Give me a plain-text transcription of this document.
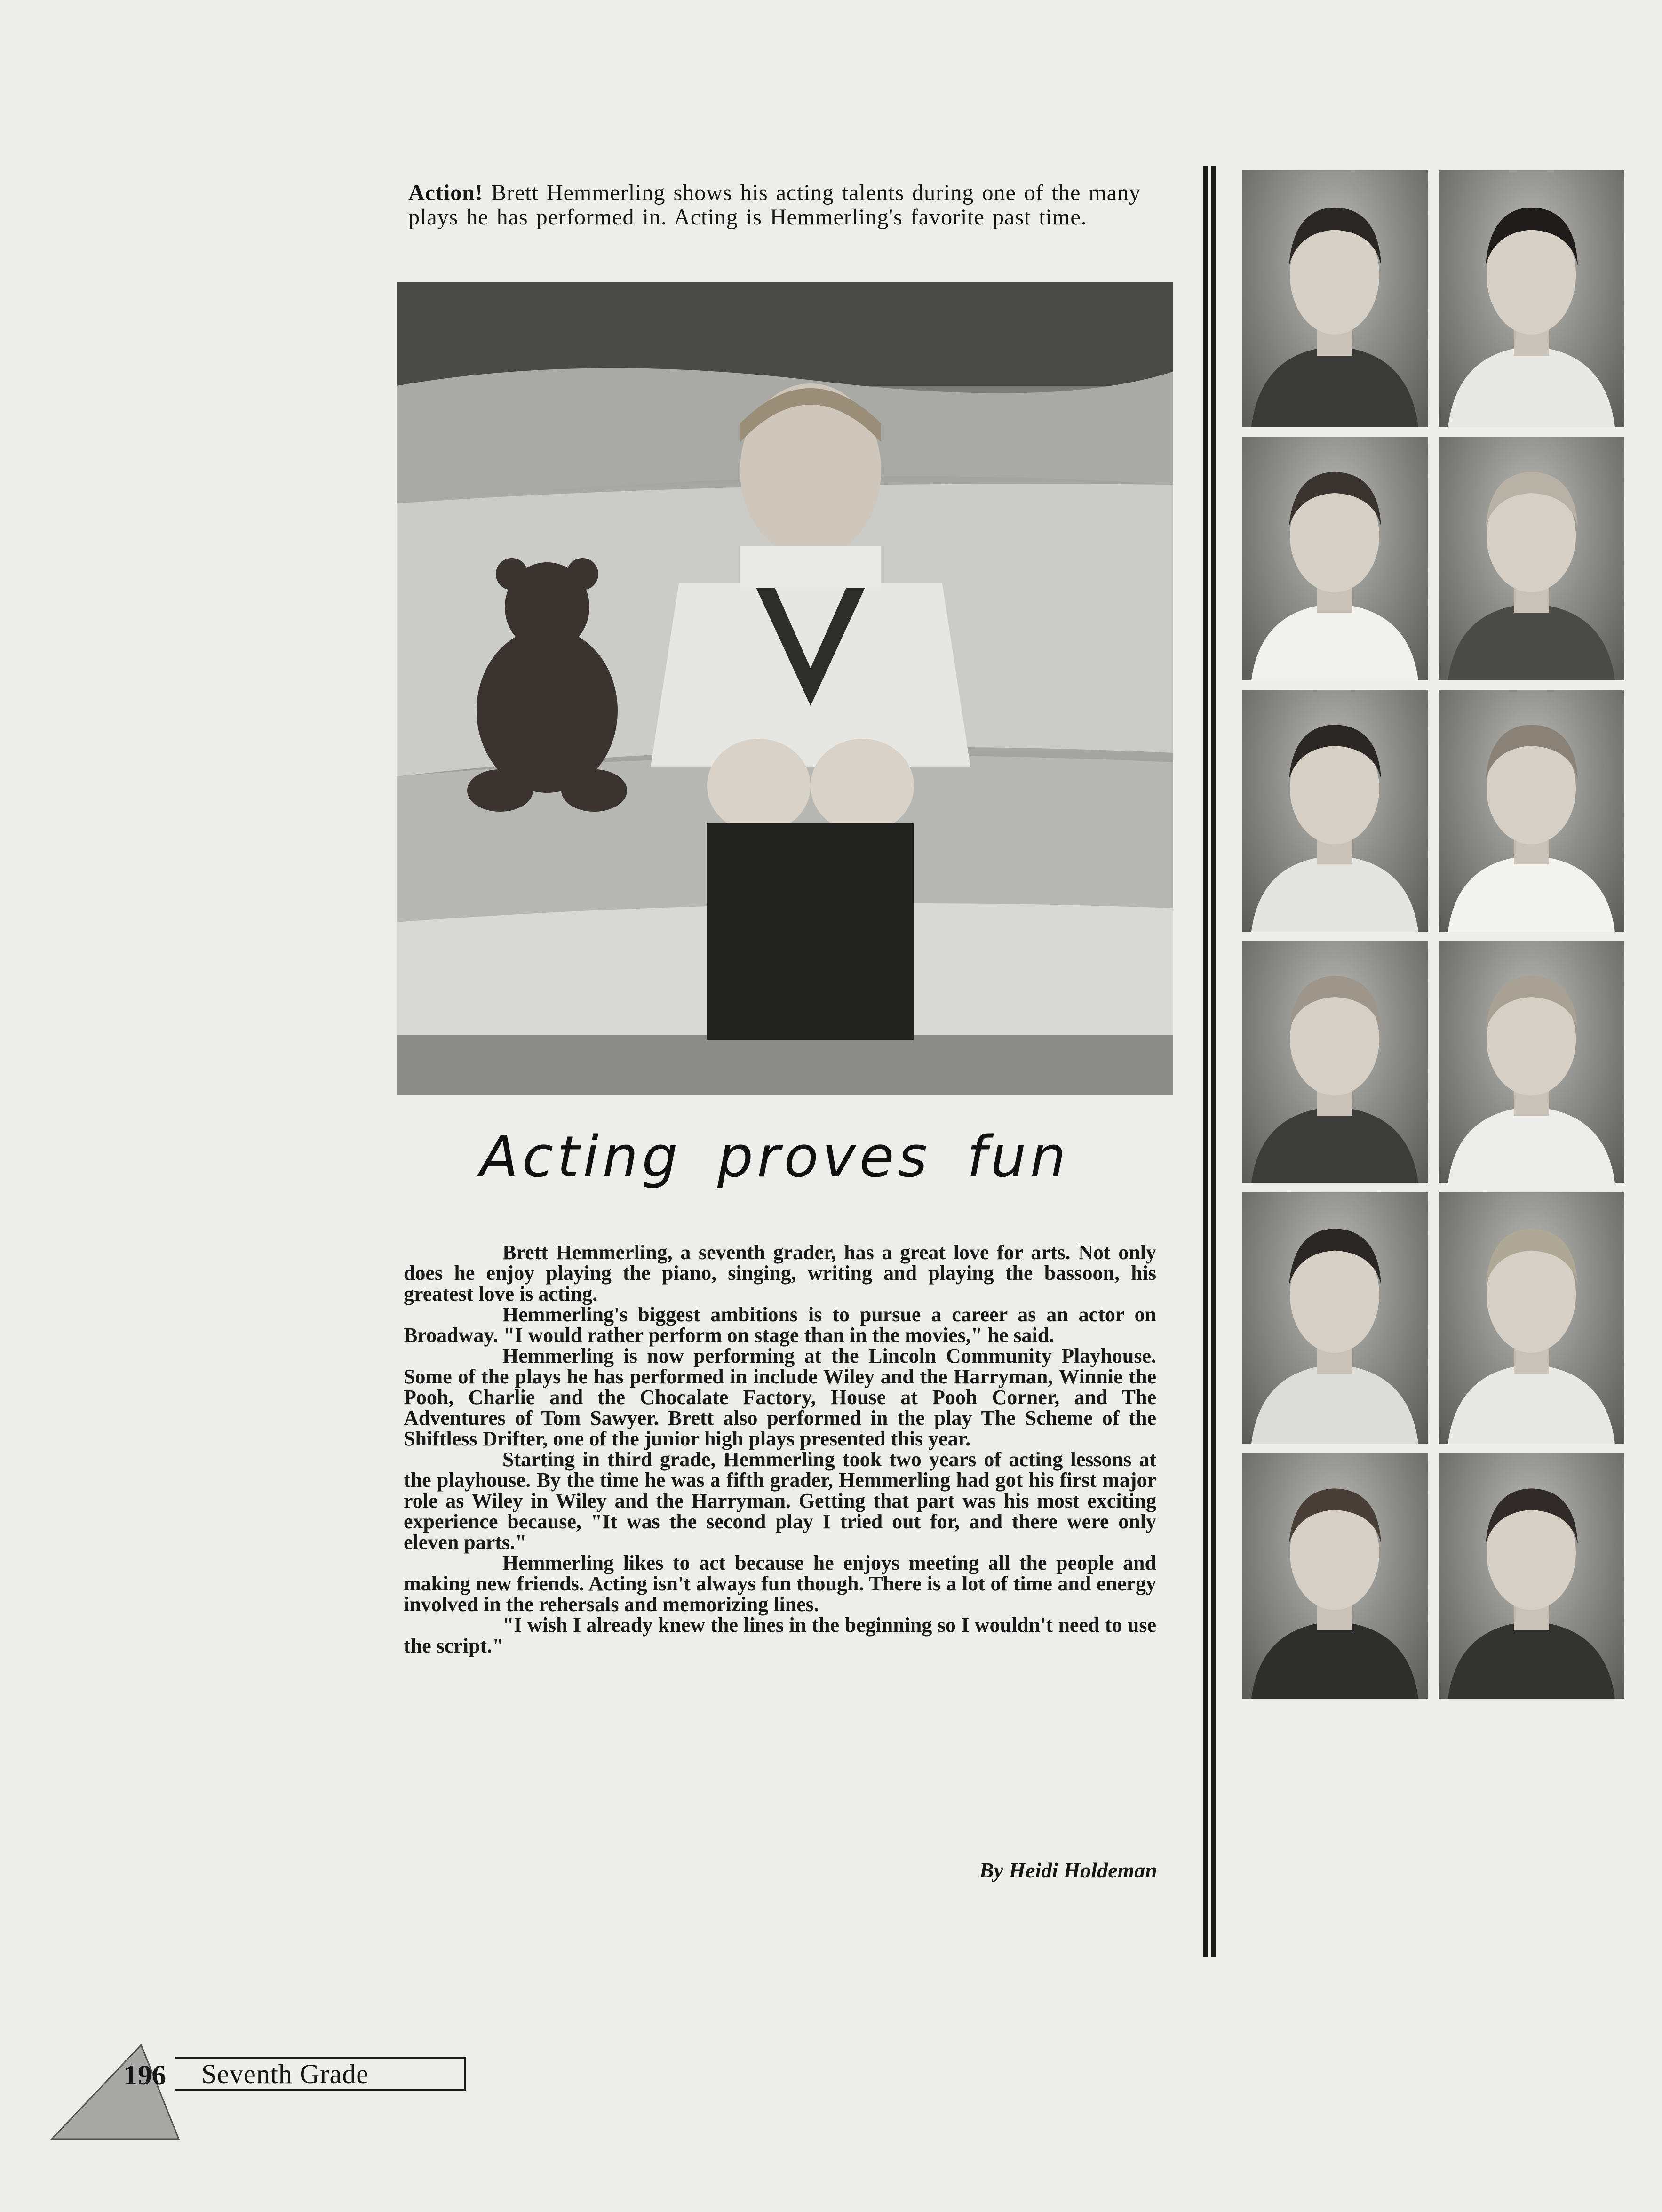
Action! Brett Hemmerling shows his acting talents during one of the many plays he has performed in. Acting is Hemmerling's favorite past time.
Acting proves fun

Brett Hemmerling, a seventh grader, has a great love for arts. Not only does he enjoy playing the piano, singing, writing and playing the bassoon, his greatest love is acting.

Hemmerling's biggest ambitions is to pursue a career as an actor on Broadway. "I would rather perform on stage than in the movies," he said.

Hemmerling is now performing at the Lincoln Community Playhouse. Some of the plays he has performed in include Wiley and the Harryman, Winnie the Pooh, Charlie and the Chocalate Factory, House at Pooh Corner, and The Adventures of Tom Sawyer. Brett also performed in the play The Scheme of the Shiftless Drifter, one of the junior high plays presented this year.

Starting in third grade, Hemmerling took two years of acting lessons at the playhouse. By the time he was a fifth grader, Hemmerling had got his first major role as Wiley in Wiley and the Harryman. Getting that part was his most exciting experience because, "It was the second play I tried out for, and there were only eleven parts."

Hemmerling likes to act because he enjoys meeting all the people and making new friends. Acting isn't always fun though. There is a lot of time and energy involved in the rehersals and memorizing lines.

"I wish I already knew the lines in the beginning so I wouldn't need to use the script."

By Heidi Holdeman
196	Seventh Grade
